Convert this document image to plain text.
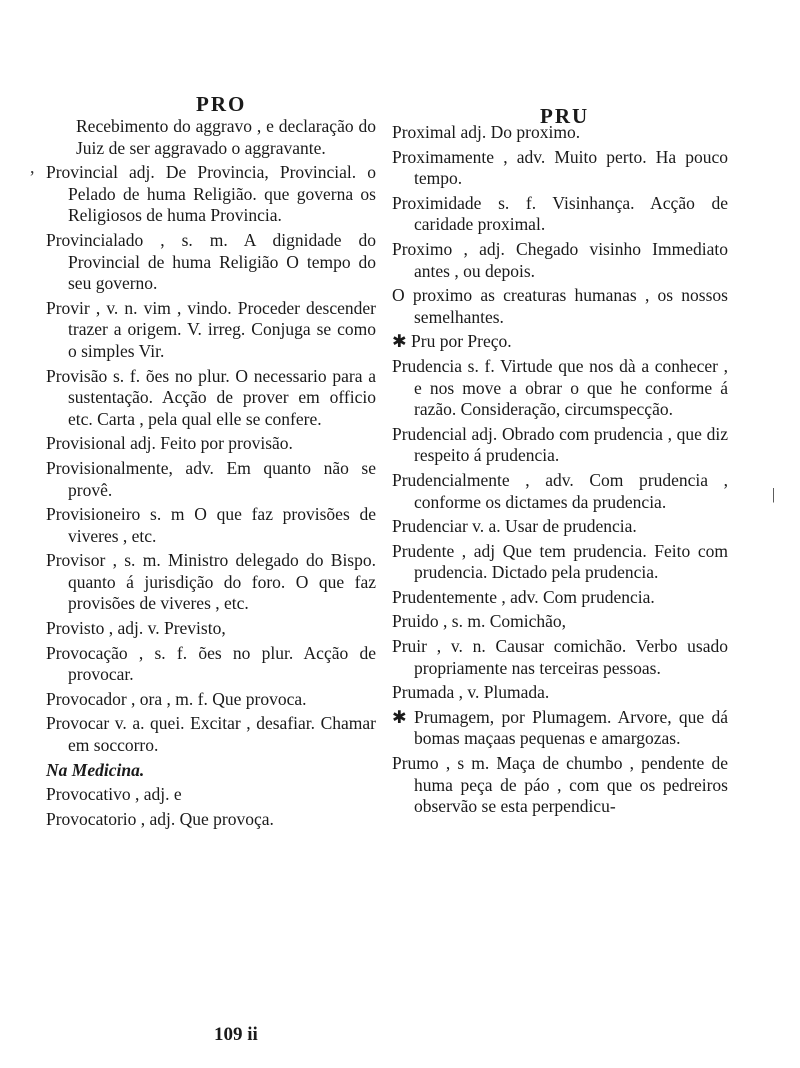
PRO	PRU
,
|

Recebimento do aggravo , e declaração do Juiz de ser aggravado o aggravante.

Provincial adj. De Provincia, Provincial. o Pelado de huma Religião. que governa os Religiosos de huma Provincia.

Provincialado , s. m. A dignidade do Provincial de huma Religião O tempo do seu governo.

Provir , v. n. vim , vindo. Proceder descender trazer a origem. V. irreg. Conjuga se como o simples Vir.

Provisão s. f. ões no plur. O necessario para a sustentação. Acção de prover em officio etc. Carta , pela qual elle se confere.

Provisional adj. Feito por provisão.

Provisionalmente, adv. Em quanto não se provê.

Provisioneiro s. m O que faz provisões de viveres , etc.

Provisor , s. m. Ministro delegado do Bispo. quanto á jurisdição do foro. O que faz provisões de viveres , etc.

Provisto , adj. v. Previsto,

Provocação , s. f. ões no plur. Acção de provocar.

Provocador , ora , m. f. Que provoca.

Provocar v. a. quei. Excitar , desafiar. Chamar em soccorro.

Na Medicina.

Provocativo , adj. e

Provocatorio , adj. Que provoça.

Proximal adj. Do proximo.

Proximamente , adv. Muito perto. Ha pouco tempo.

Proximidade s. f. Visinhança. Acção de caridade proximal.

Proximo , adj. Chegado visinho Immediato antes , ou depois.

O proximo as creaturas humanas , os nossos semelhantes.

✱ Pru por Preço.

Prudencia s. f. Virtude que nos dà a conhecer , e nos move a obrar o que he conforme á razão. Consideração, circumspecção.

Prudencial adj. Obrado com prudencia , que diz respeito á prudencia.

Prudencialmente , adv. Com prudencia , conforme os dictames da prudencia.

Prudenciar v. a. Usar de prudencia.

Prudente , adj Que tem prudencia. Feito com prudencia. Dictado pela prudencia.

Prudentemente , adv. Com prudencia.

Pruido , s. m. Comichão,

Pruir , v. n. Causar comichão. Verbo usado propriamente nas terceiras pessoas.

Prumada , v. Plumada.

✱ Prumagem, por Plumagem. Arvore, que dá bomas maçaas pequenas e amargozas.

Prumo , s m. Maça de chumbo , pendente de huma peça de páo , com que os pedreiros observão se esta perpendicu-

109 ii
